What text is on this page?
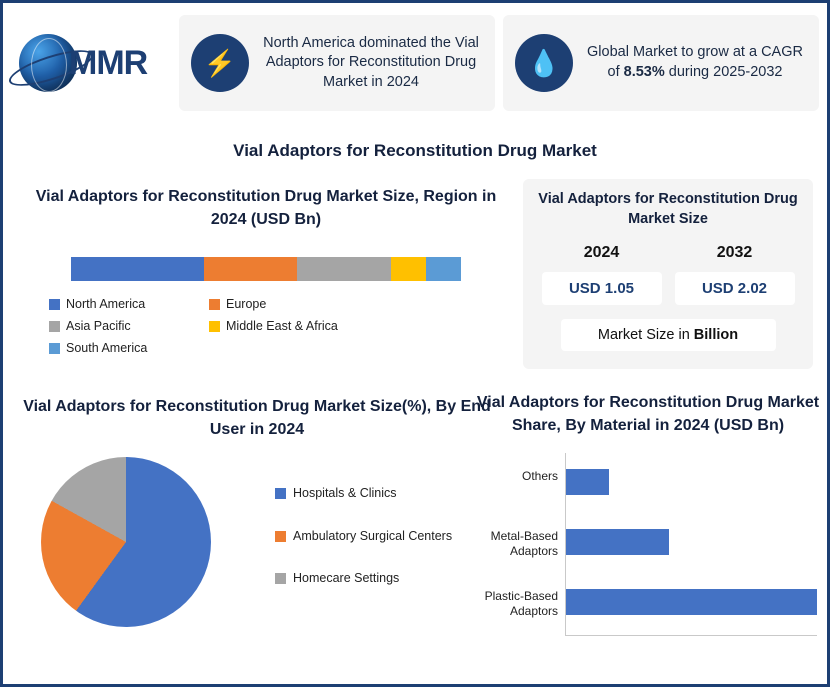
MMR	⚡
North America dominated the Vial Adaptors for Reconstitution Drug Market in 2024
💧	Global Market to grow at a CAGR of 8.53% during 2025-2032
Vial Adaptors for Reconstitution Drug Market
Vial Adaptors for Reconstitution Drug Market Size, Region in 2024 (USD Bn)
North America	Europe
Asia Pacific	Middle East & Africa
South America
Vial Adaptors for Reconstitution Drug Market Size
2024	2032
USD 1.05	USD 2.02
Market Size in Billion
Vial Adaptors for Reconstitution Drug Market Size(%), By End User in 2024
Hospitals & Clinics
Ambulatory Surgical Centers
Homecare Settings
Vial Adaptors for Reconstitution Drug Market Share, By Material in 2024 (USD Bn)
Others
Metal-Based Adaptors
Plastic-Based Adaptors
